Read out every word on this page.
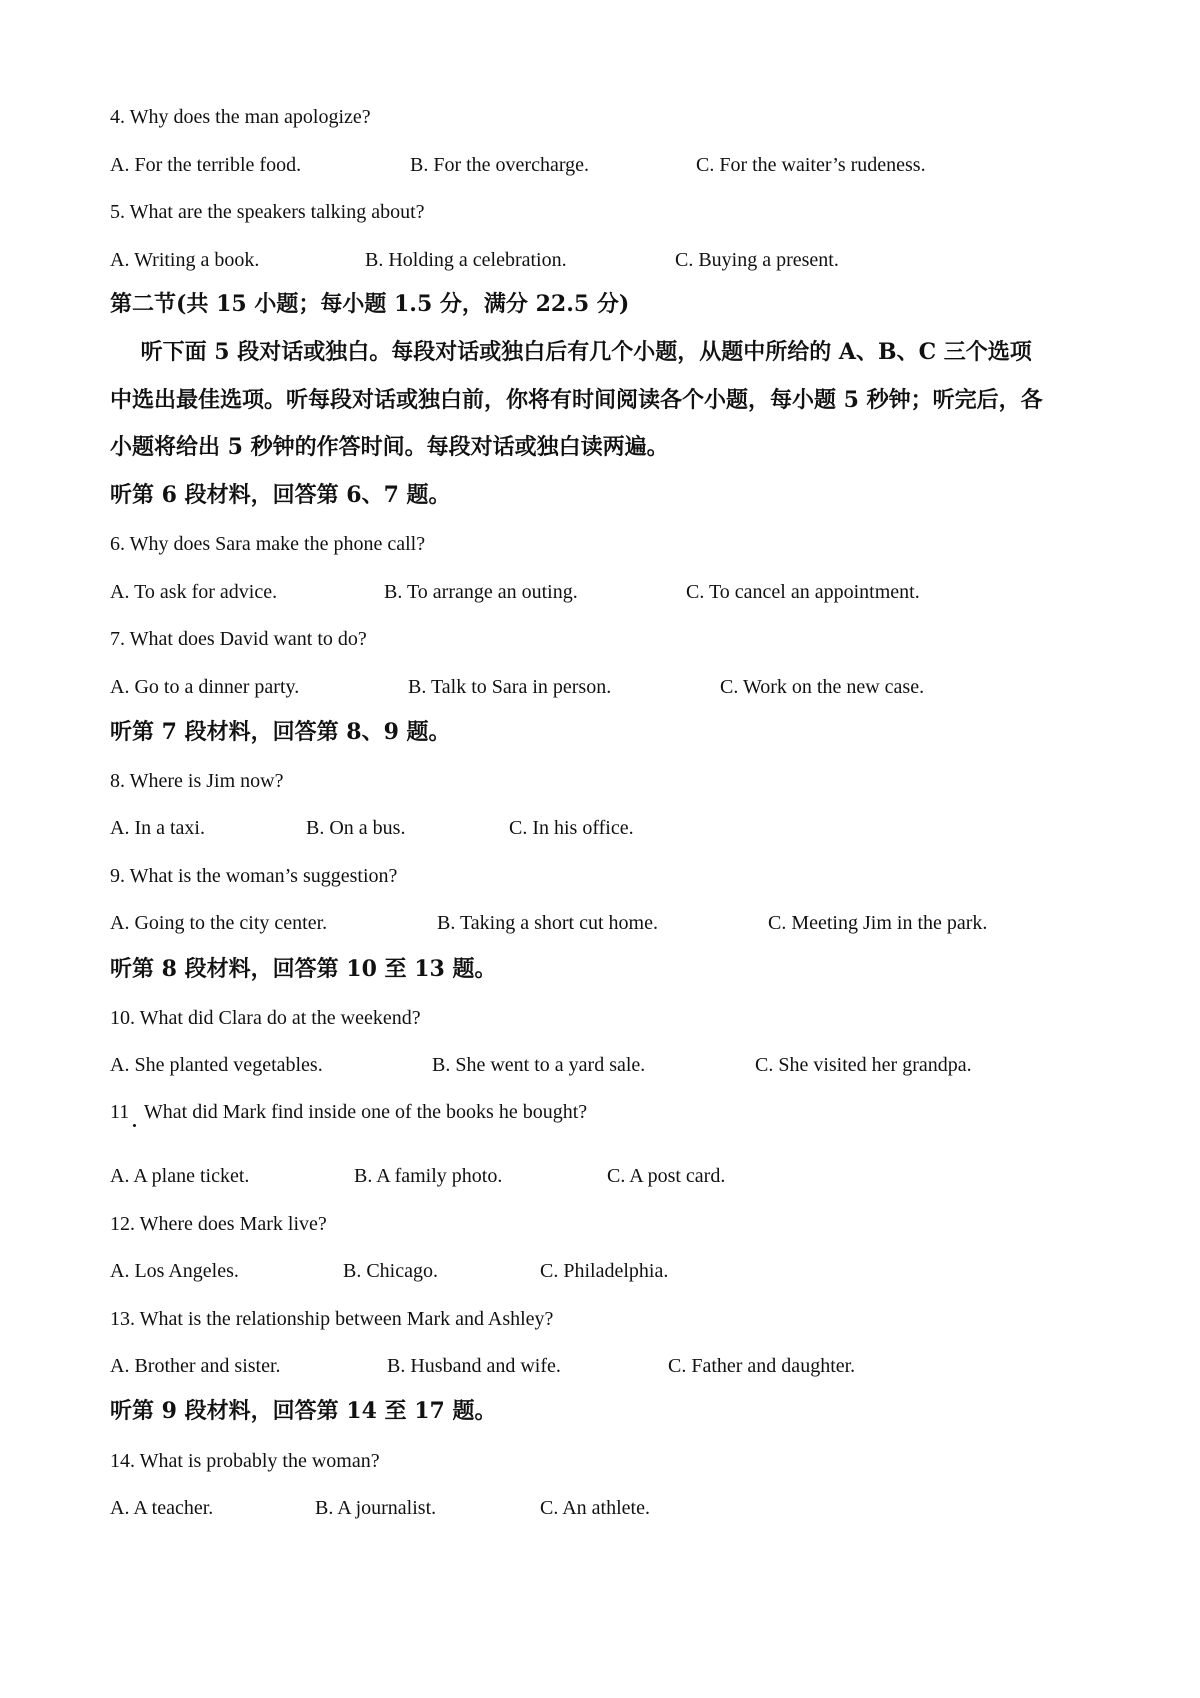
4. Why does the man apologize?
A. For the terrible food.	B. For the overcharge.	C. For the waiter’s rudeness.
5. What are the speakers talking about?
A. Writing a book.	B. Holding a celebration.	C. Buying a present.
第二节(共 15 小题；每小题 1.5 分，满分 22.5 分)
听下面 5 段对话或独白。每段对话或独白后有几个小题，从题中所给的 A、B、C 三个选项
中选出最佳选项。听每段对话或独白前，你将有时间阅读各个小题，每小题 5 秒钟；听完后，各
小题将给出 5 秒钟的作答时间。每段对话或独白读两遍。
听第 6 段材料，回答第 6、7 题。
6. Why does Sara make the phone call?
A. To ask for advice.	B. To arrange an outing.	C. To cancel an appointment.
7. What does David want to do?
A. Go to a dinner party.	B. Talk to Sara in person.	C. Work on the new case.
听第 7 段材料，回答第 8、9 题。
8. Where is Jim now?
A. In a taxi.	B. On a bus.	C. In his office.
9. What is the woman’s suggestion?
A. Going to the city center.	B. Taking a short cut home.	C. Meeting Jim in the park.
听第 8 段材料，回答第 10 至 13 题。
10. What did Clara do at the weekend?
A. She planted vegetables.	B. She went to a yard sale.	C. She visited her grandpa.
11   What did Mark find inside one of the books he bought?
A. A plane ticket.	B. A family photo.	C. A post card.
12. Where does Mark live?
A. Los Angeles.	B. Chicago.	C. Philadelphia.
13. What is the relationship between Mark and Ashley?
A. Brother and sister.	B. Husband and wife.	C. Father and daughter.
听第 9 段材料，回答第 14 至 17 题。
14. What is probably the woman?
A. A teacher.	B. A journalist.	C. An athlete.
